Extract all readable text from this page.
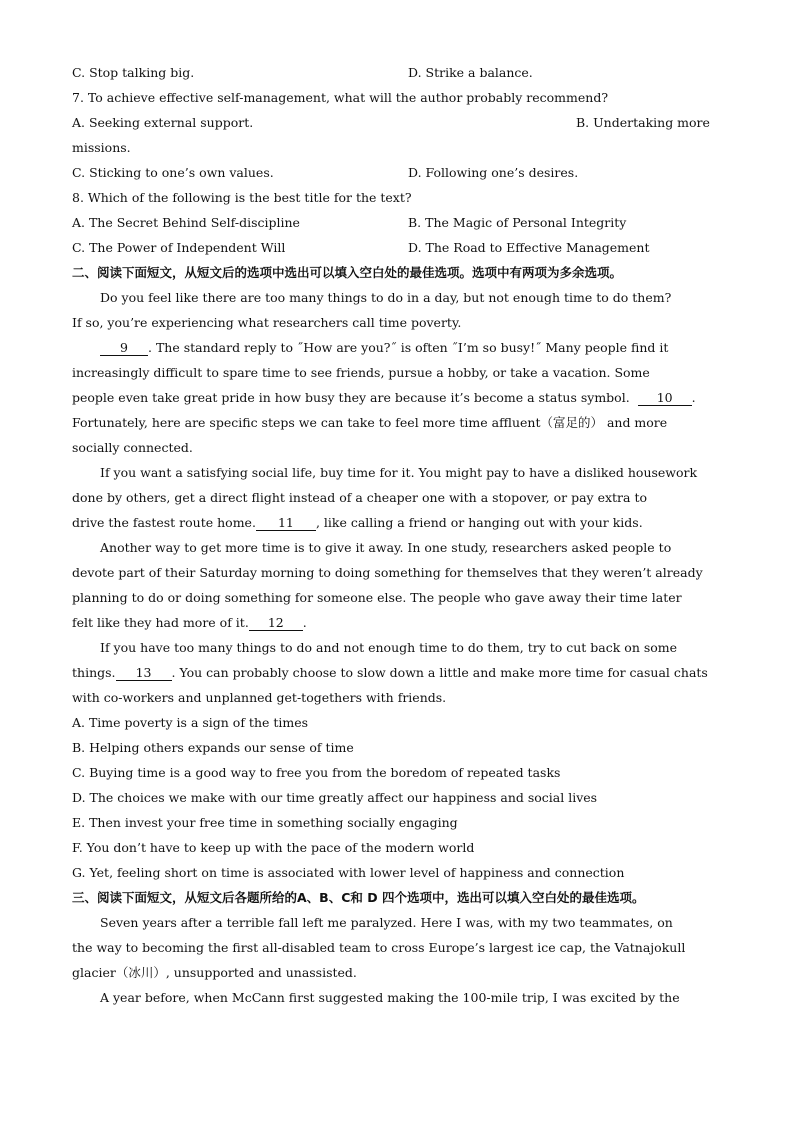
C. Stop talking big.	D. Strike a balance.
7. To achieve effective self-management, what will the author probably recommend?
A. Seeking external support.	B. Undertaking more
missions.
C. Sticking to one’s own values.	D. Following one’s desires.
8. Which of the following is the best title for the text?
A. The Secret Behind Self-discipline	B. The Magic of Personal Integrity
C. The Power of Independent Will	D. The Road to Effective Management
二、阅读下面短文，从短文后的选项中选出可以填入空白处的最佳选项。选项中有两项为多余选项。
Do you feel like there are too many things to do in a day, but not enough time to do them?
If so, you’re experiencing what researchers call time poverty.
9 . The standard reply to ˝How are you?˝ is often ˝I’m so busy!˝ Many people find it
increasingly difficult to spare time to see friends, pursue a hobby, or take a vacation. Some
people even take great pride in how busy they are because it’s become a status symbol. 10 .
Fortunately, here are specific steps we can take to feel more time affluent（富足的） and more
socially connected.
If you want a satisfying social life, buy time for it. You might pay to have a disliked housework
done by others, get a direct flight instead of a cheaper one with a stopover, or pay extra to
drive the fastest route home. 11 , like calling a friend or hanging out with your kids.
Another way to get more time is to give it away. In one study, researchers asked people to
devote part of their Saturday morning to doing something for themselves that they weren’t already
planning to do or doing something for someone else. The people who gave away their time later
felt like they had more of it. 12 .
If you have too many things to do and not enough time to do them, try to cut back on some
things. 13 . You can probably choose to slow down a little and make more time for casual chats
with co-workers and unplanned get-togethers with friends.
A. Time poverty is a sign of the times
B. Helping others expands our sense of time
C. Buying time is a good way to free you from the boredom of repeated tasks
D. The choices we make with our time greatly affect our happiness and social lives
E. Then invest your free time in something socially engaging
F. You don’t have to keep up with the pace of the modern world
G. Yet, feeling short on time is associated with lower level of happiness and connection
三、阅读下面短文，从短文后各题所给的A、B、C和 D 四个选项中，选出可以填入空白处的最佳选项。
Seven years after a terrible fall left me paralyzed. Here I was, with my two teammates, on
the way to becoming the first all-disabled team to cross Europe’s largest ice cap, the Vatnajokull
glacier（冰川）, unsupported and unassisted.
A year before, when McCann first suggested making the 100-mile trip, I was excited by the
